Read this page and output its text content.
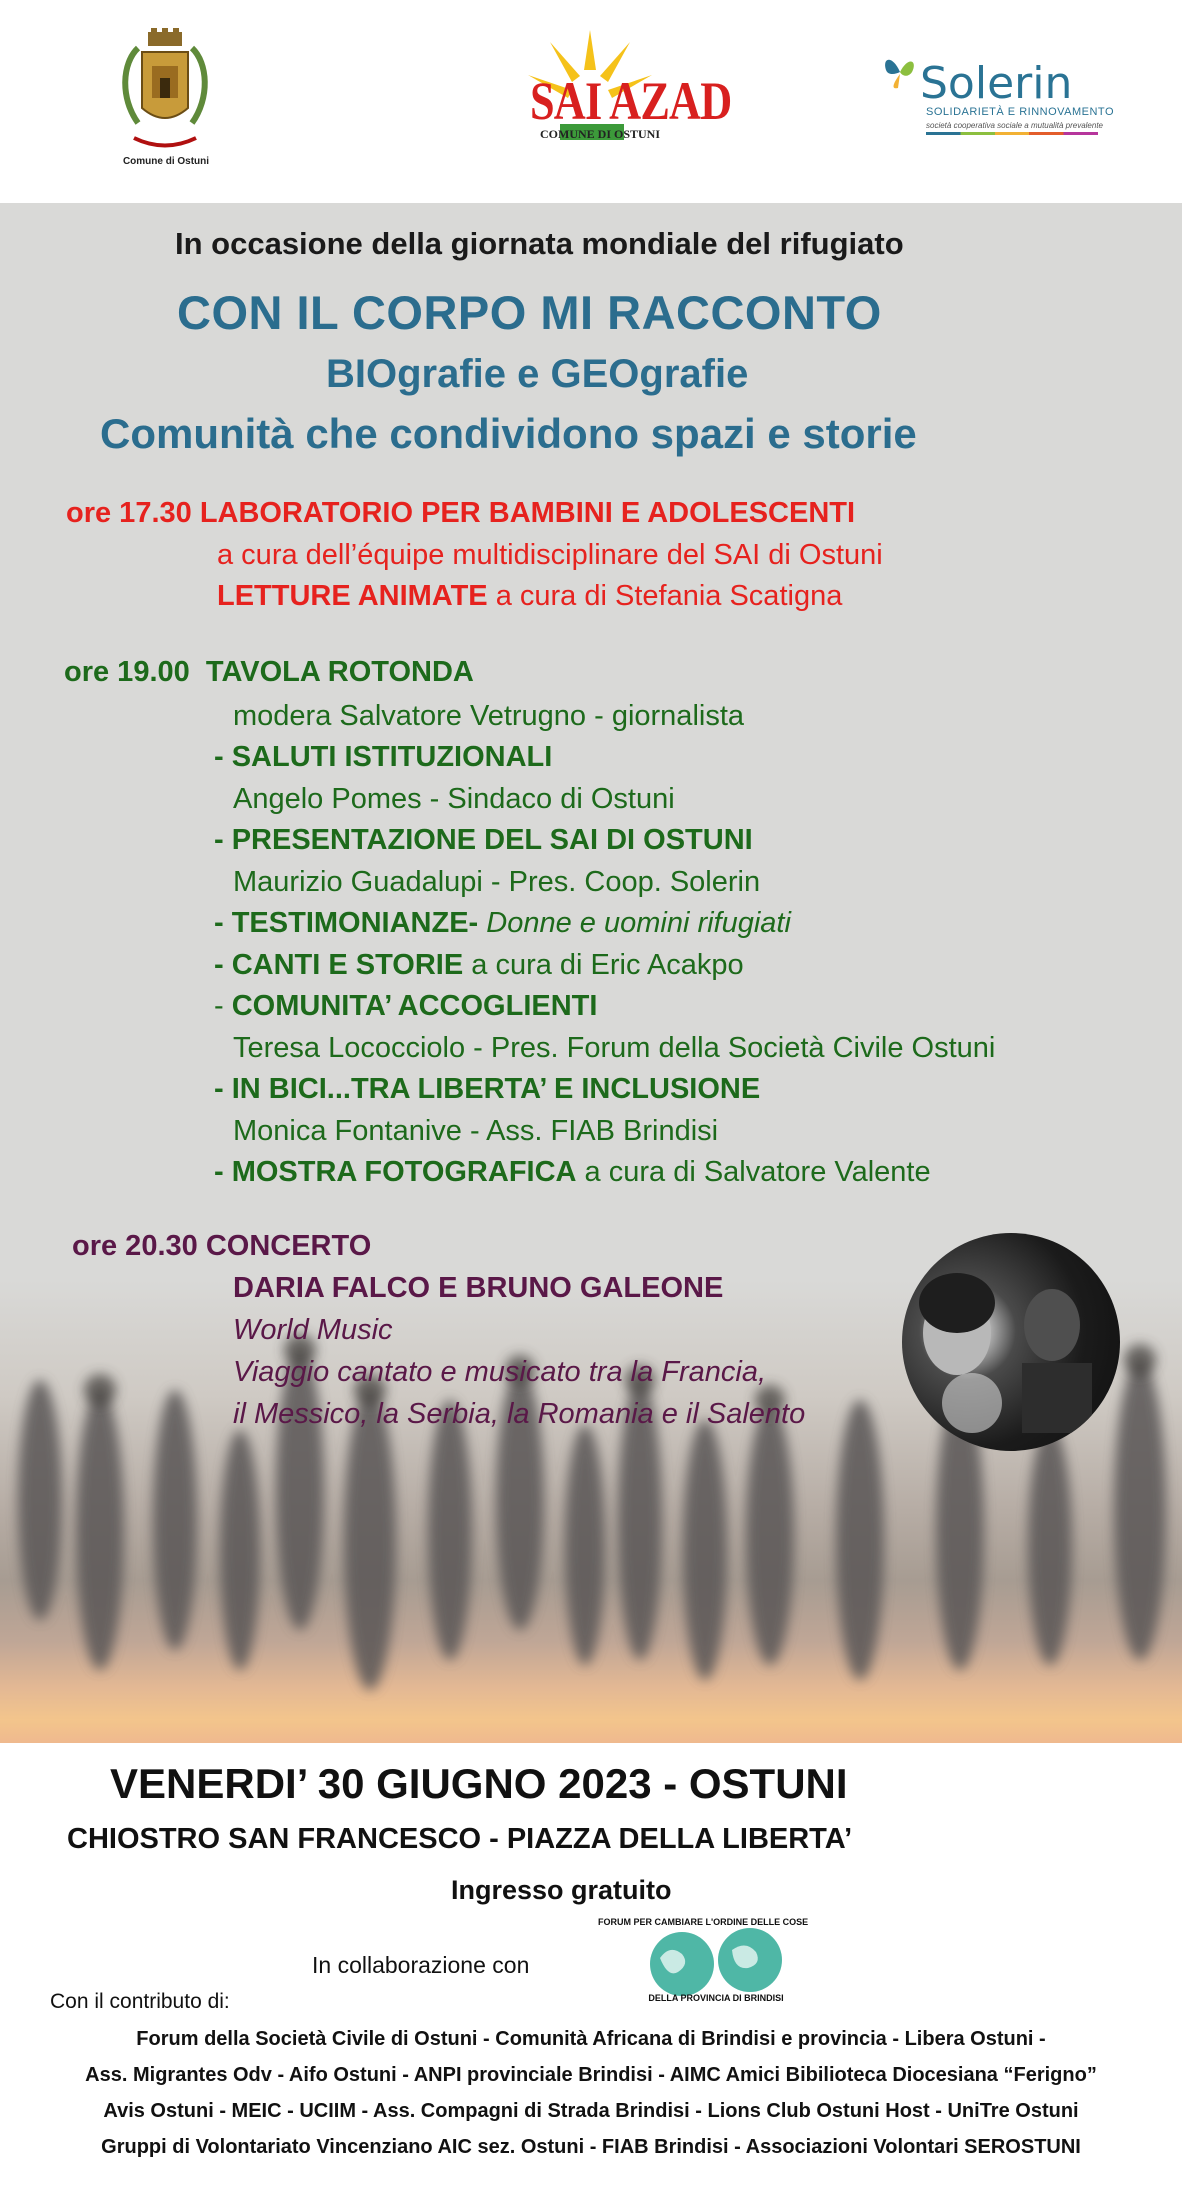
Comune di Ostuni
SAI AZAD
COMUNE DI OSTUNI
Solerin
SOLIDARIETÀ E RINNOVAMENTO
società cooperativa sociale a mutualità prevalente
In occasione della giornata mondiale del rifugiato
CON IL CORPO MI RACCONTO
BIOgrafie e GEOgrafie
Comunità che condividono spazi e storie
ore 17.30 LABORATORIO PER BAMBINI E ADOLESCENTI
a cura dell’équipe multidisciplinare del SAI di Ostuni
LETTURE ANIMATE a cura di Stefania Scatigna
ore 19.00 TAVOLA ROTONDA
modera Salvatore Vetrugno - giornalista
- SALUTI ISTITUZIONALI
Angelo Pomes - Sindaco di Ostuni
- PRESENTAZIONE DEL SAI DI OSTUNI
Maurizio Guadalupi - Pres. Coop. Solerin
- TESTIMONIANZE- Donne e uomini rifugiati
- CANTI E STORIE a cura di Eric Acakpo
- COMUNITA’ ACCOGLIENTI
Teresa Lococciolo - Pres. Forum della Società Civile Ostuni
- IN BICI...TRA LIBERTA’ E INCLUSIONE
Monica Fontanive - Ass. FIAB Brindisi
- MOSTRA FOTOGRAFICA a cura di Salvatore Valente
ore 20.30 CONCERTO
DARIA FALCO E BRUNO GALEONE
World Music
Viaggio cantato e musicato tra la Francia,
il Messico, la Serbia, la Romania e il Salento
VENERDI’ 30 GIUGNO 2023 - OSTUNI
CHIOSTRO SAN FRANCESCO - PIAZZA DELLA LIBERTA’
Ingresso gratuito
In collaborazione con
FORUM PER CAMBIARE L'ORDINE DELLE COSE
DELLA PROVINCIA DI BRINDISI
Con il contributo di:
Forum della Società Civile di Ostuni - Comunità Africana di Brindisi e provincia - Libera Ostuni -
Ass. Migrantes Odv - Aifo Ostuni - ANPI provinciale Brindisi - AIMC Amici Bibilioteca Diocesiana “Ferigno”
Avis Ostuni - MEIC - UCIIM - Ass. Compagni di Strada Brindisi - Lions Club Ostuni Host - UniTre Ostuni
Gruppi di Volontariato Vincenziano AIC sez. Ostuni - FIAB Brindisi - Associazioni Volontari SEROSTUNI
